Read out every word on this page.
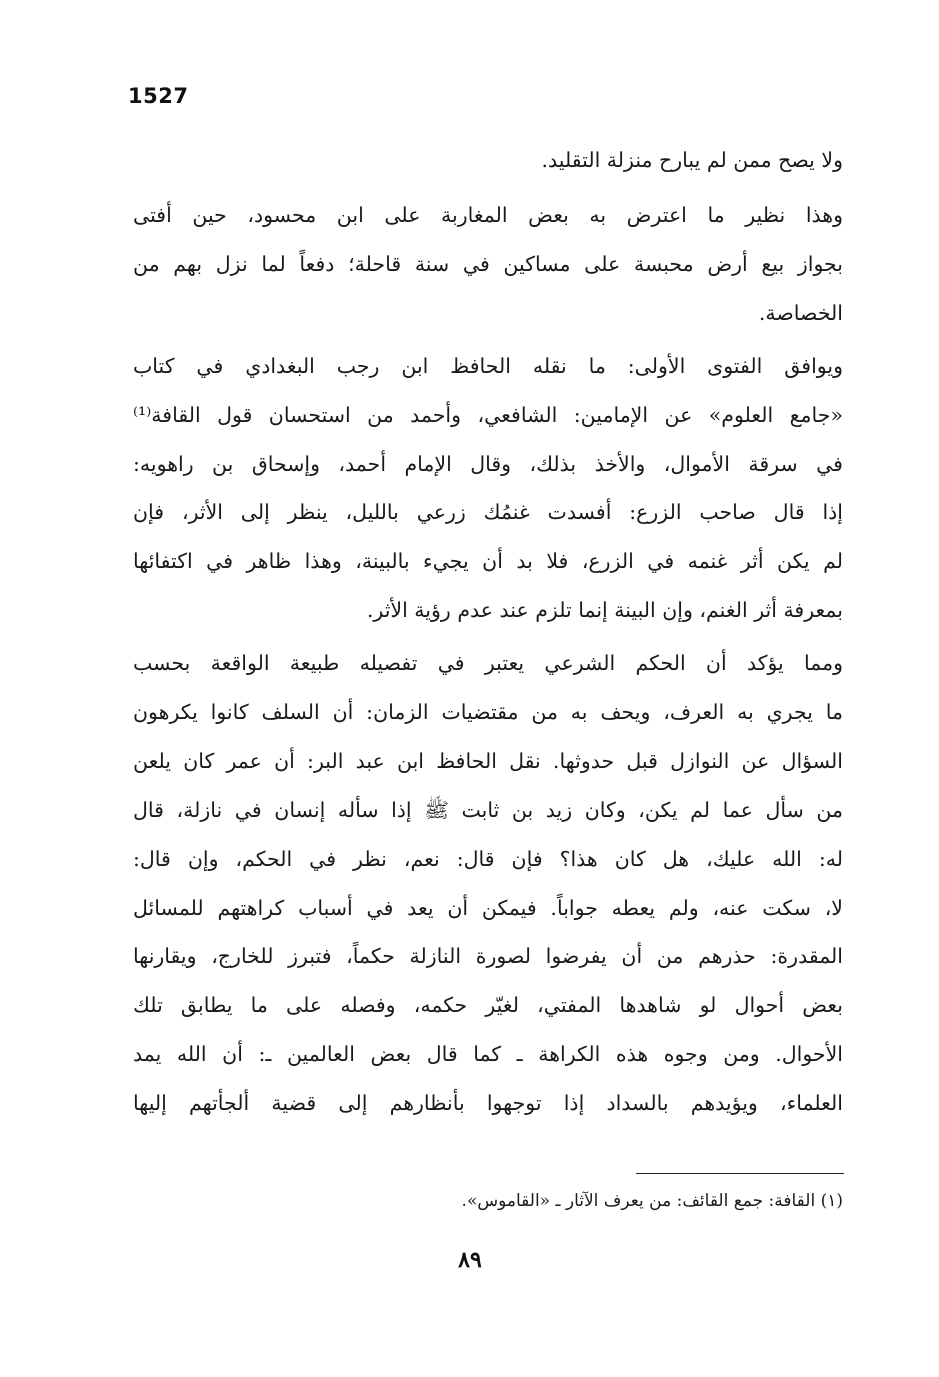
1527
ولا يصح ممن لم يبارح منزلة التقليد.
وهذا نظير ما اعترض به بعض المغاربة على ابن محسود، حين أفتى
بجواز بيع أرض محبسة على مساكين في سنة قاحلة؛ دفعاً لما نزل بهم من
الخصاصة.
ويوافق الفتوى الأولى: ما نقله الحافظ ابن رجب البغدادي في كتاب
«جامع العلوم» عن الإمامين: الشافعي، وأحمد من استحسان قول القافة⁽¹⁾
في سرقة الأموال، والأخذ بذلك، وقال الإمام أحمد، وإسحاق بن راهويه:
إذا قال صاحب الزرع: أفسدت غنمُك زرعي بالليل، ينظر إلى الأثر، فإن
لم يكن أثر غنمه في الزرع، فلا بد أن يجيء بالبينة، وهذا ظاهر في اكتفائها
بمعرفة أثر الغنم، وإن البينة إنما تلزم عند عدم رؤية الأثر.
ومما يؤكد أن الحكم الشرعي يعتبر في تفصيله طبيعة الواقعة بحسب
ما يجري به العرف، ويحف به من مقتضيات الزمان: أن السلف كانوا يكرهون
السؤال عن النوازل قبل حدوثها. نقل الحافظ ابن عبد البر: أن عمر كان يلعن
من سأل عما لم يكن، وكان زيد بن ثابت ﷺ إذا سأله إنسان في نازلة، قال
له: الله عليك، هل كان هذا؟ فإن قال: نعم، نظر في الحكم، وإن قال:
لا، سكت عنه، ولم يعطه جواباً. فيمكن أن يعد في أسباب كراهتهم للمسائل
المقدرة: حذرهم من أن يفرضوا لصورة النازلة حكماً، فتبرز للخارج، ويقارنها
بعض أحوال لو شاهدها المفتي، لغيّر حكمه، وفصله على ما يطابق تلك
الأحوال. ومن وجوه هذه الكراهة ـ كما قال بعض العالمين ـ: أن الله يمد
العلماء، ويؤيدهم بالسداد إذا توجهوا بأنظارهم إلى قضية ألجأتهم إليها
(١) القافة: جمع القائف: من يعرف الآثار ـ «القاموس».
٨٩
